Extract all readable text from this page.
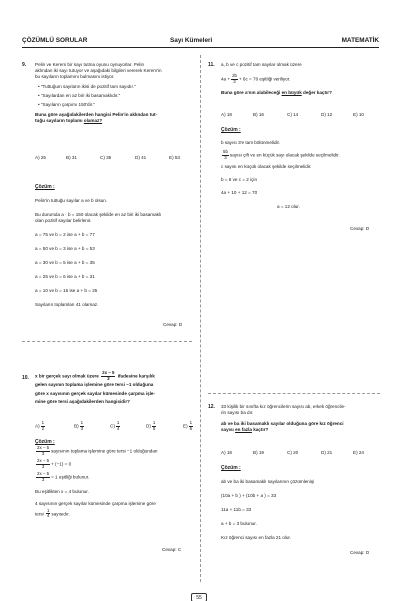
ÇÖZÜMLÜ SORULAR	Sayı Kümeleri	MATEMATİK
9. Pelin ve Kerem bir sayı tutma oyunu oynuyorlar. Pelin
aklından iki sayı tutuyor ve aşağıdaki bilgileri vererek Kerem'in
bu sayıların toplamını bulmasını istiyor.
• "Tuttuğum sayıların ikisi de pozitif tam sayıdır."
• "Sayılardan en az biri iki basamaklıdır."
• "Sayıların çarpımı 150'dir."
Buna göre aşağıdakilerden hangisi Pelin'in aklından tut-
tuğu sayıların toplamı olamaz?
A) 25	B) 31	C) 35	D) 41	E) 53
Çözüm :
Pelin'in tuttuğu sayılar a ve b olsun.
Bu durumda a · b = 150 olacak şekilde en az biri iki basamaklı
olan pozitif sayılar belirlenir.
a = 75 ve b = 2 ise a + b = 77
a = 50 ve b = 3 ise a + b = 53
a = 30 ve b = 5 ise a + b = 35
a = 25 ve b = 6 ise a + b = 31
a = 10 ve b = 15 ise a + b = 25
Sayıların toplamları 41 olamaz.
Cevap: D
10. x bir gerçek sayı olmak üzere $\frac{2x - 5}{3}$ ifadesine karşılık
gelen sayının toplama işlemine göre tersi −1 olduğuna
göre x sayısının gerçek sayılar kümesinde çarpma işle-
mine göre tersi aşağıdakilerden hangisidir?
$A) \frac{1}{2}$	$B) \frac{1}{3}$	$C) \frac{1}{4}$	$D) \frac{1}{5}$	$E) \frac{1}{6}$
Çözüm :
$\frac{2x - 5}{3}$ sayısının toplama işlemine göre tersi −1 olduğundan
$\frac{2x - 5}{3} + (-1) = 0$
$\frac{2x - 5}{3} = 1$ eşitliği bulunur.
Bu eşitlikten x = 4 bulunur.
4 sayısının gerçek sayılar kümesinde çarpma işlemine göre
tersi $\frac{1}{4}$ sayısıdır.
Cevap: C
11. a, b ve c pozitif tam sayılar olmak üzere
$4a + \frac{2b}{3} + 6c = 70$ eşitliği veriliyor.
Buna göre a'nın alabileceği en büyük değer kaçtır?
A) 18	B) 16	C) 14	D) 12	E) 10
Çözüm :
b sayısı 3'e tam bölünmelidir.
$\frac{5b}{3}$ sayısı çift ve en küçük sayı olacak şekilde seçilmelidir.
c sayısı en küçük olacak şekilde seçilmelidir.
b = 6 ve c = 2 için
4a + 10 + 12 = 70
a = 12 olur.
Cevap: D
12. 33 kişilik bir sınıfta kız öğrencilerin sayısı ab, erkek öğrencile-
rin sayısı ba dır.
ab ve ba iki basamaklı sayılar olduğuna göre kız öğrenci
sayısı en fazla kaçtır?
A) 18	B) 19	C) 20	D) 21	E) 24
Çözüm :
ab ve ba iki basamaklı sayılarının çözümlenişi
(10a + b ) + (10b + a ) = 33
11a + 11b = 33
a + b = 3 bulunur.
Kız öğrenci sayısı en fazla 21 olur.
Cevap: D
55
